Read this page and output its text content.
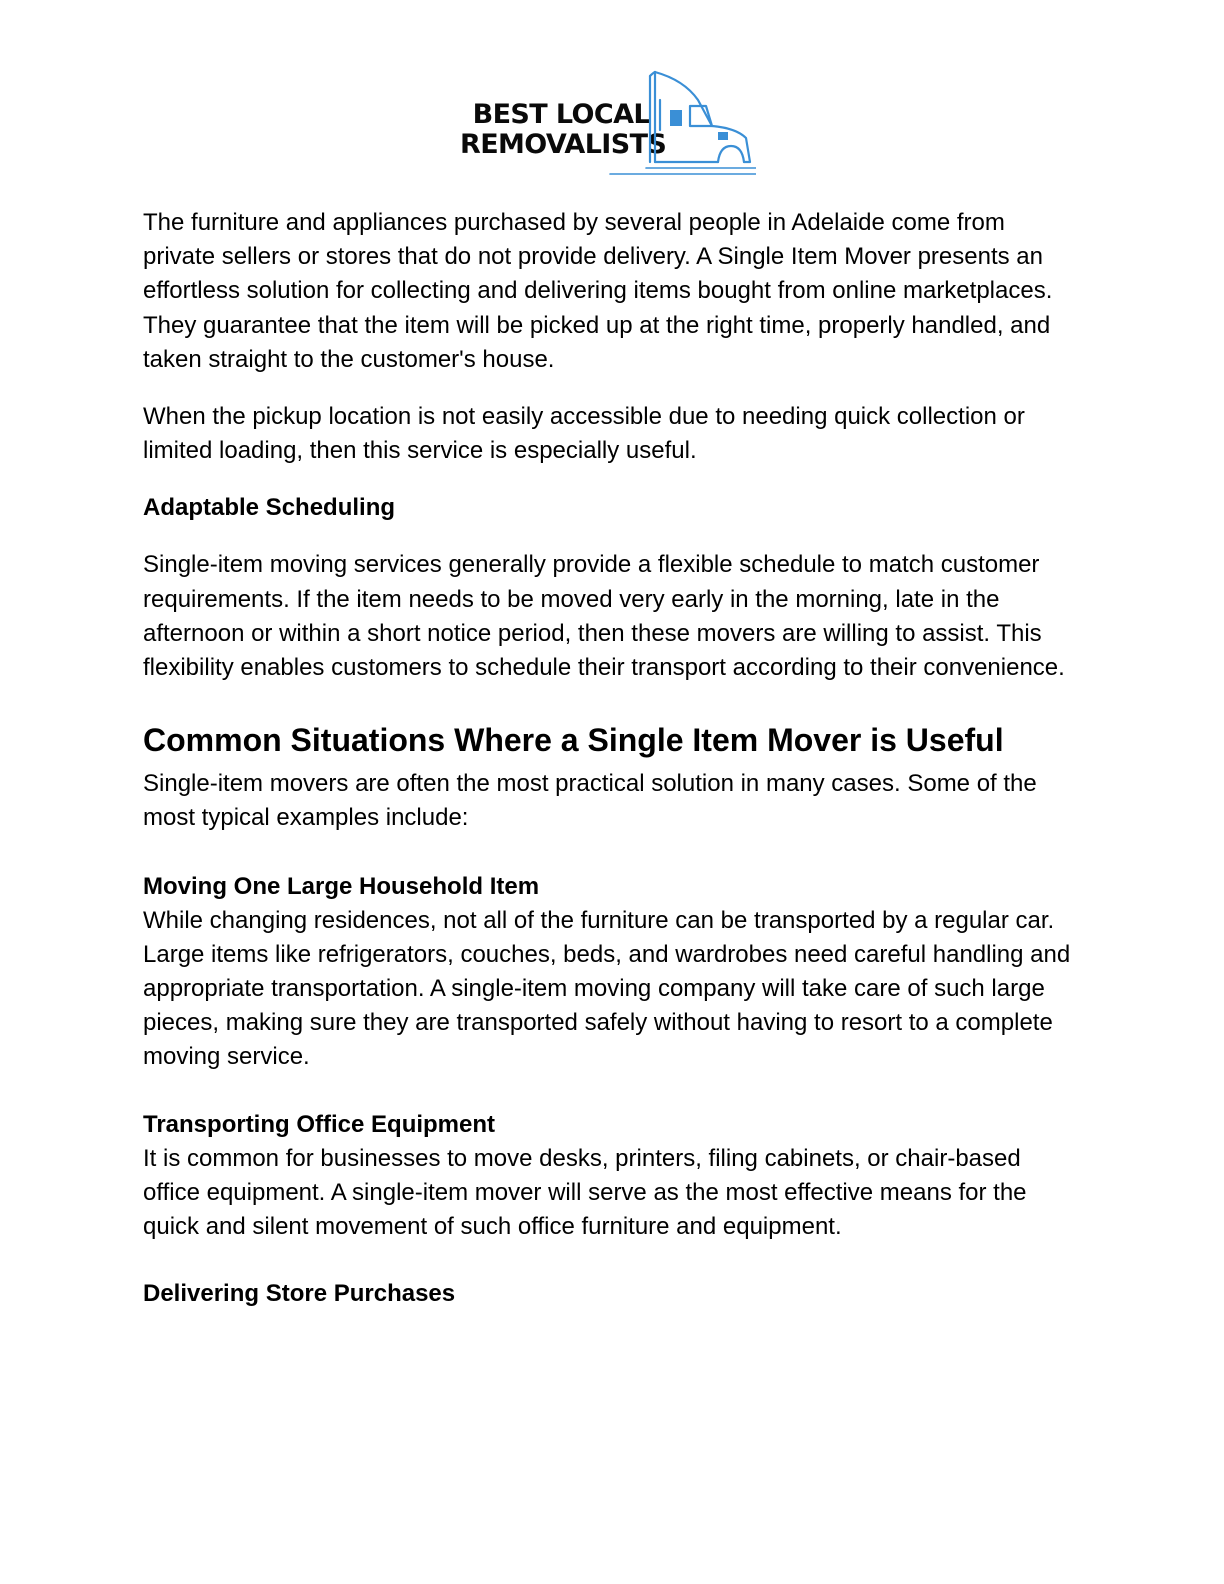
BEST LOCAL
REMOVALISTS

The furniture and appliances purchased by several people in Adelaide come from private sellers or stores that do not provide delivery. A Single Item Mover presents an effortless solution for collecting and delivering items bought from online marketplaces. They guarantee that the item will be picked up at the right time, properly handled, and taken straight to the customer's house.

When the pickup location is not easily accessible due to needing quick collection or limited loading, then this service is especially useful.

Adaptable Scheduling

Single-item moving services generally provide a flexible schedule to match customer requirements. If the item needs to be moved very early in the morning, late in the afternoon or within a short notice period, then these movers are willing to assist. This flexibility enables customers to schedule their transport according to their convenience.

Common Situations Where a Single Item Mover is Useful

Single-item movers are often the most practical solution in many cases. Some of the most typical examples include:

Moving One Large Household Item

While changing residences, not all of the furniture can be transported by a regular car. Large items like refrigerators, couches, beds, and wardrobes need careful handling and appropriate transportation. A single-item moving company will take care of such large pieces, making sure they are transported safely without having to resort to a complete moving service.

Transporting Office Equipment

It is common for businesses to move desks, printers, filing cabinets, or chair-based office equipment. A single-item mover will serve as the most effective means for the quick and silent movement of such office furniture and equipment.

Delivering Store Purchases
